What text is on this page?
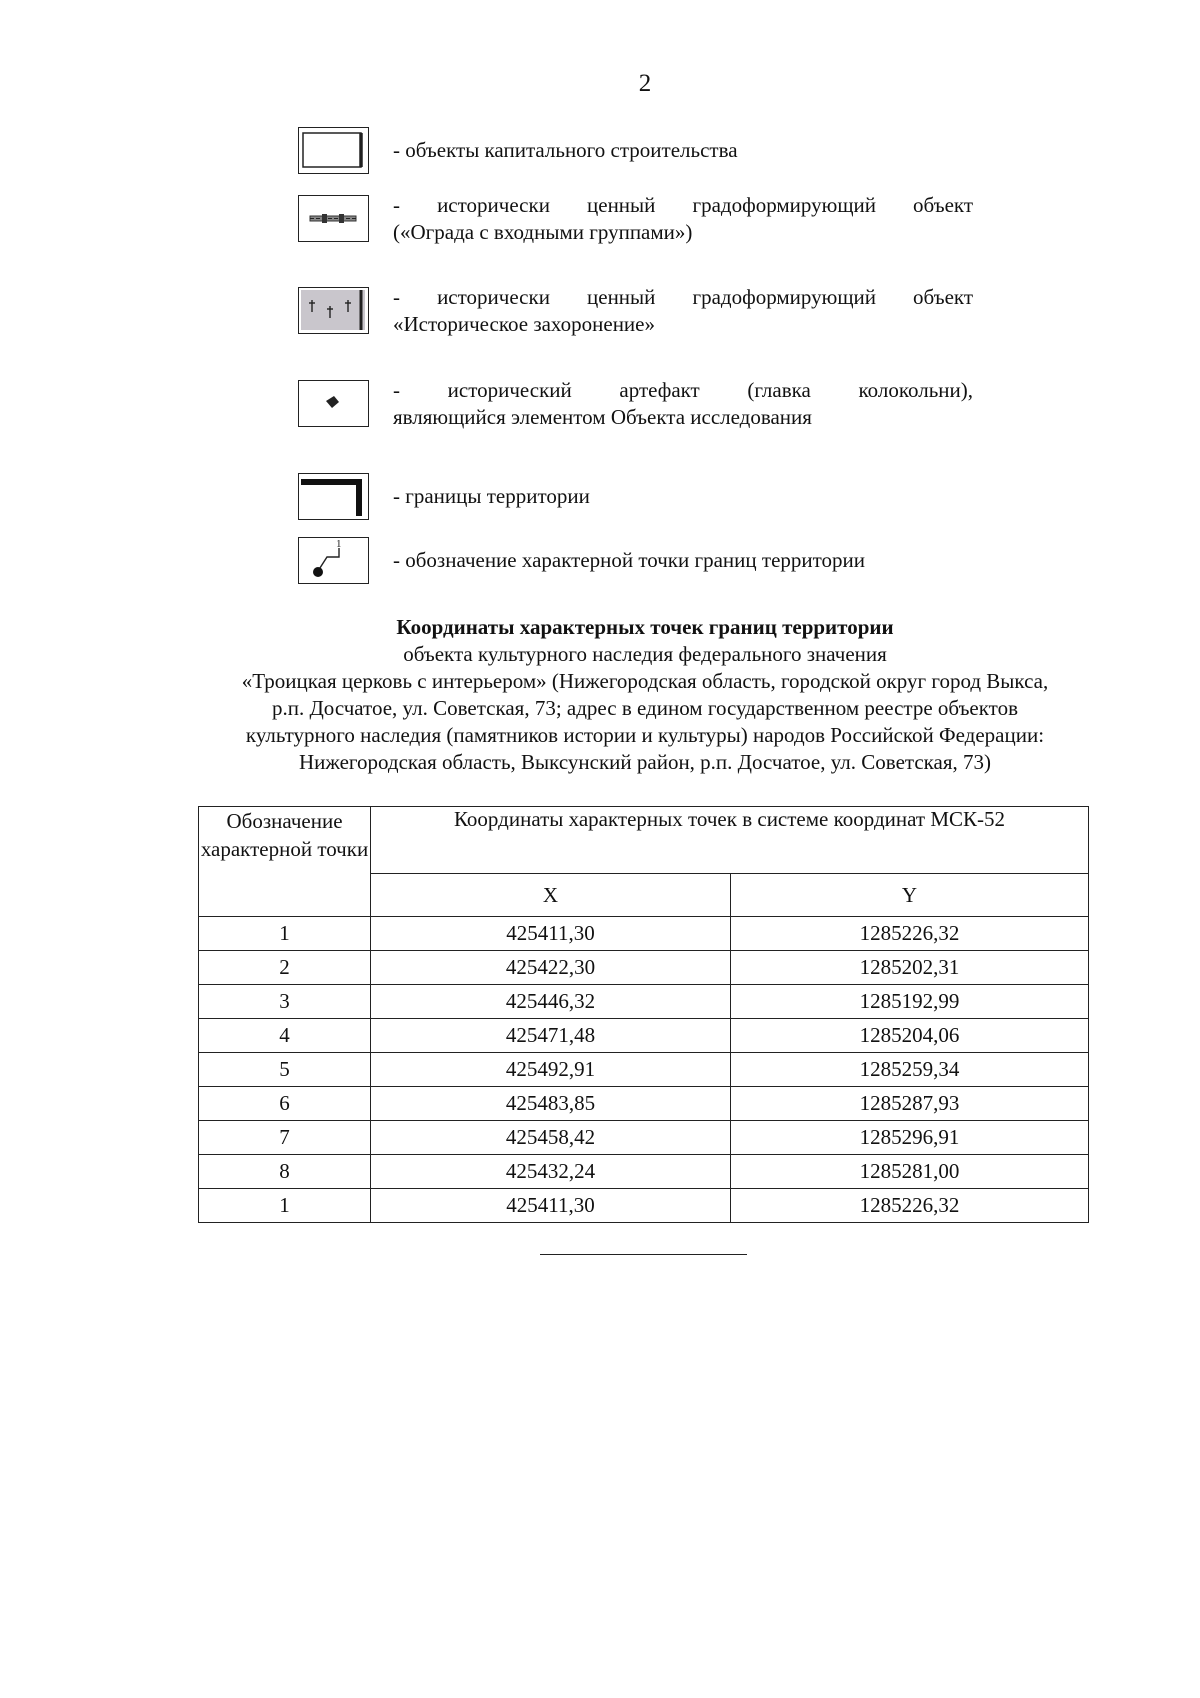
2
- объекты капитального строительства
- исторически ценный градоформирующий объект
(«Ограда с входными группами»)
- исторически ценный градоформирующий объект
«Историческое захоронение»
- исторический артефакт (главка колокольни),
являющийся элементом Объекта исследования
- границы территории
1
- обозначение характерной точки границ территории
Координаты характерных точек границ территории
объекта культурного наследия федерального значения
«Троицкая церковь с интерьером» (Нижегородская область, городской округ город Выкса,
р.п. Досчатое, ул. Советская, 73; адрес в едином государственном реестре объектов
культурного наследия (памятников истории и культуры) народов Российской Федерации:
Нижегородская область, Выксунский район, р.п. Досчатое, ул. Советская, 73)
Обозначение характерной точки	Координаты характерных точек в системе координат МСК-52	
	X	Y
1	425411,30	1285226,32
2	425422,30	1285202,31
3	425446,32	1285192,99
4	425471,48	1285204,06
5	425492,91	1285259,34
6	425483,85	1285287,93
7	425458,42	1285296,91
8	425432,24	1285281,00
1	425411,30	1285226,32
